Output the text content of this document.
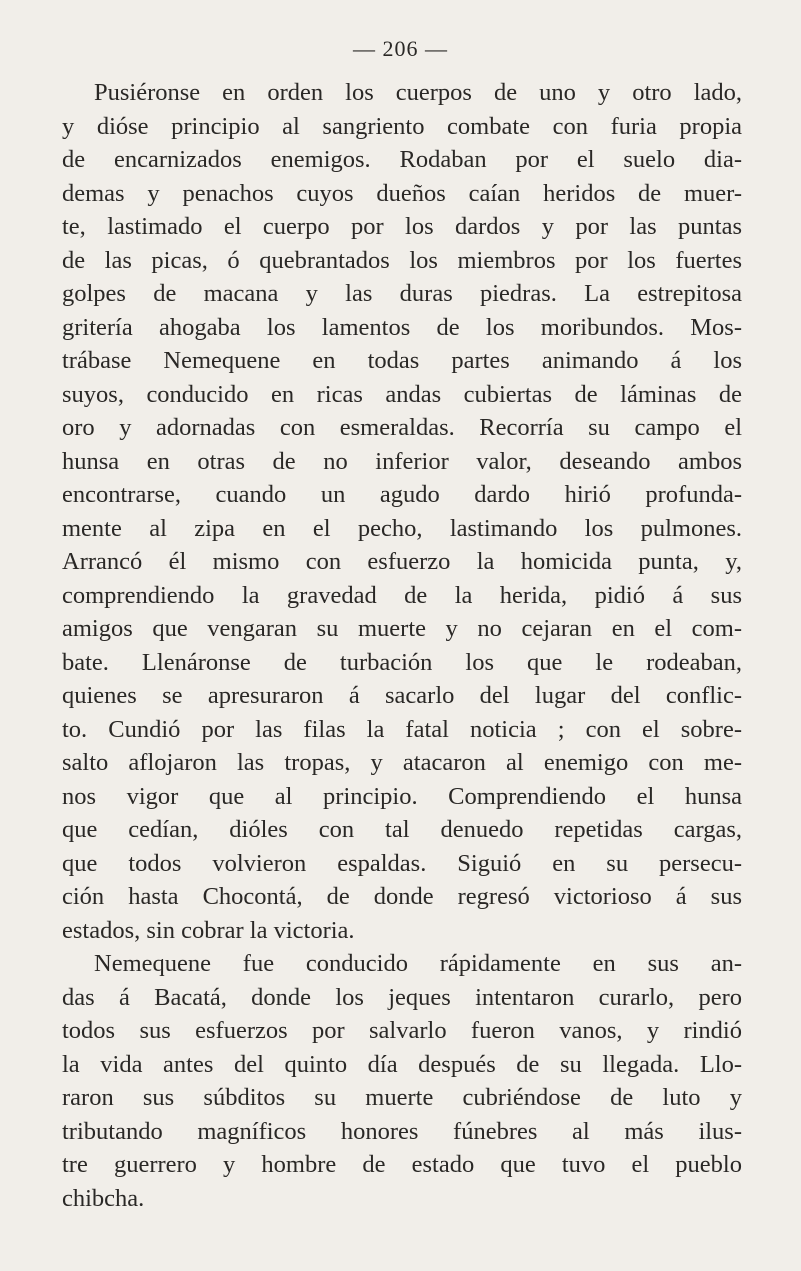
— 206 —
Pusiéronse en orden los cuerpos de uno y otro lado,
y dióse principio al sangriento combate con furia propia
de encarnizados enemigos. Rodaban por el suelo dia-
demas y penachos cuyos dueños caían heridos de muer-
te, lastimado el cuerpo por los dardos y por las puntas
de las picas, ó quebrantados los miembros por los fuertes
golpes de macana y las duras piedras. La estrepitosa
gritería ahogaba los lamentos de los moribundos. Mos-
trábase Nemequene en todas partes animando á los
suyos, conducido en ricas andas cubiertas de láminas de
oro y adornadas con esmeraldas. Recorría su campo el
hunsa en otras de no inferior valor, deseando ambos
encontrarse, cuando un agudo dardo hirió profunda-
mente al zipa en el pecho, lastimando los pulmones.
Arrancó él mismo con esfuerzo la homicida punta, y,
comprendiendo la gravedad de la herida, pidió á sus
amigos que vengaran su muerte y no cejaran en el com-
bate. Llenáronse de turbación los que le rodeaban,
quienes se apresuraron á sacarlo del lugar del conflic-
to. Cundió por las filas la fatal noticia ; con el sobre-
salto aflojaron las tropas, y atacaron al enemigo con me-
nos vigor que al principio. Comprendiendo el hunsa
que cedían, dióles con tal denuedo repetidas cargas,
que todos volvieron espaldas. Siguió en su persecu-
ción hasta Chocontá, de donde regresó victorioso á sus
estados, sin cobrar la victoria.
Nemequene fue conducido rápidamente en sus an-
das á Bacatá, donde los jeques intentaron curarlo, pero
todos sus esfuerzos por salvarlo fueron vanos, y rindió
la vida antes del quinto día después de su llegada. Llo-
raron sus súbditos su muerte cubriéndose de luto y
tributando magníficos honores fúnebres al más ilus-
tre guerrero y hombre de estado que tuvo el pueblo
chibcha.
